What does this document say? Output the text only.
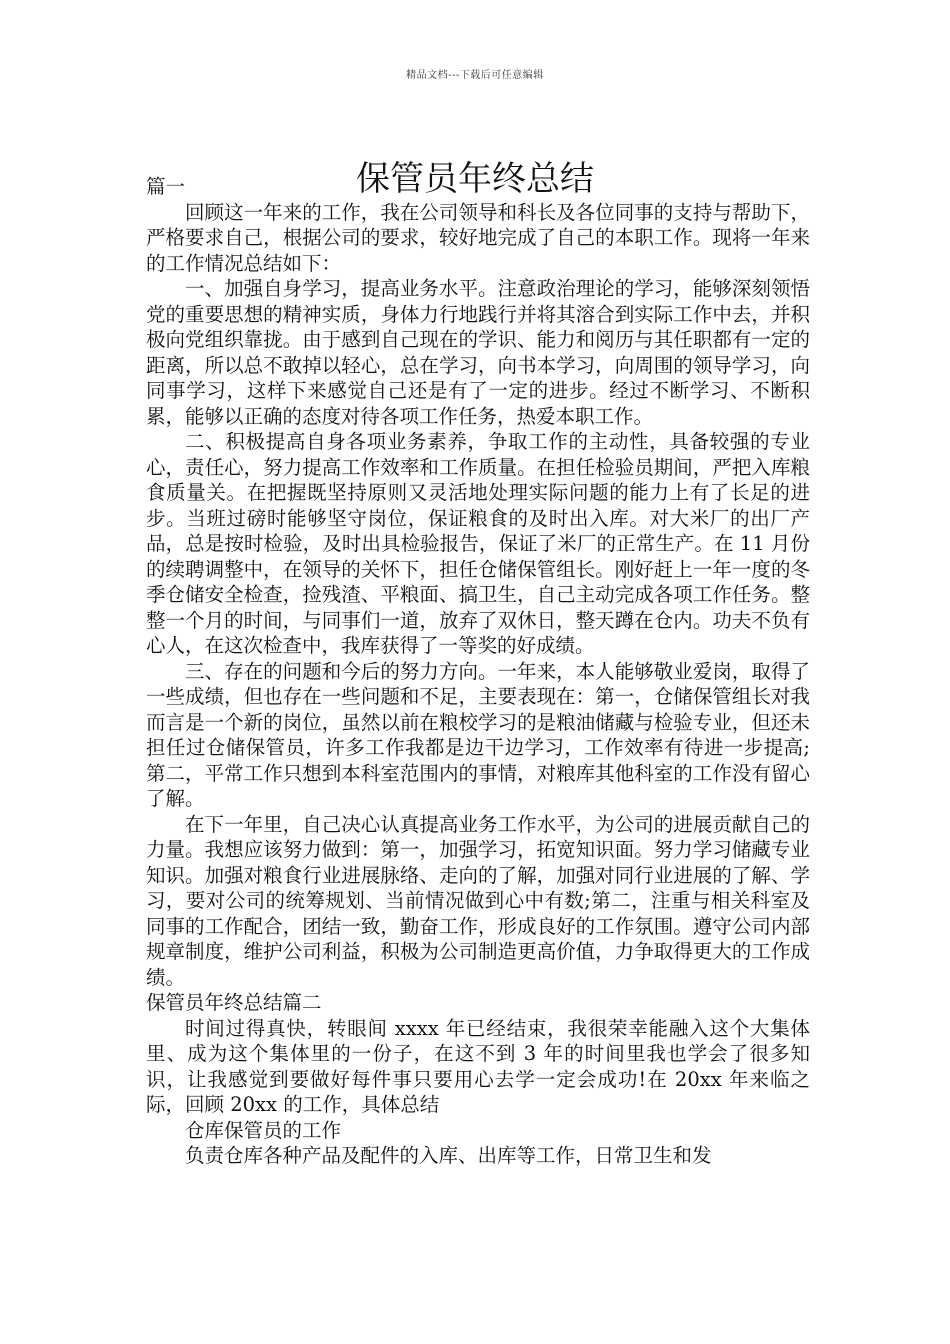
精品文档---下载后可任意编辑
保管员年终总结

篇一

回顾这一年来的工作，我在公司领导和科长及各位同事的支持与帮助下，严格要求自己，根据公司的要求，较好地完成了自己的本职工作。现将一年来的工作情况总结如下：

一、加强自身学习，提高业务水平。注意政治理论的学习，能够深刻领悟党的重要思想的精神实质，身体力行地践行并将其溶合到实际工作中去，并积极向党组织靠拢。由于感到自己现在的学识、能力和阅历与其任职都有一定的距离，所以总不敢掉以轻心，总在学习，向书本学习，向周围的领导学习，向同事学习，这样下来感觉自己还是有了一定的进步。经过不断学习、不断积累，能够以正确的态度对待各项工作任务，热爱本职工作。

二、积极提高自身各项业务素养，争取工作的主动性，具备较强的专业心，责任心，努力提高工作效率和工作质量。在担任检验员期间，严把入库粮食质量关。在把握既坚持原则又灵活地处理实际问题的能力上有了长足的进步。当班过磅时能够坚守岗位，保证粮食的及时出入库。对大米厂的出厂产品，总是按时检验，及时出具检验报告，保证了米厂的正常生产。在 11 月份的续聘调整中，在领导的关怀下，担任仓储保管组长。刚好赶上一年一度的冬季仓储安全检查，捡残渣、平粮面、搞卫生，自己主动完成各项工作任务。整整一个月的时间，与同事们一道，放弃了双休日，整天蹲在仓内。功夫不负有心人，在这次检查中，我库获得了一等奖的好成绩。

三、存在的问题和今后的努力方向。一年来，本人能够敬业爱岗，取得了一些成绩，但也存在一些问题和不足，主要表现在：第一，仓储保管组长对我而言是一个新的岗位，虽然以前在粮校学习的是粮油储藏与检验专业，但还未担任过仓储保管员，许多工作我都是边干边学习，工作效率有待进一步提高;第二，平常工作只想到本科室范围内的事情，对粮库其他科室的工作没有留心了解。

在下一年里，自己决心认真提高业务工作水平，为公司的进展贡献自己的力量。我想应该努力做到：第一，加强学习，拓宽知识面。努力学习储藏专业知识。加强对粮食行业进展脉络、走向的了解，加强对同行业进展的了解、学习，要对公司的统筹规划、当前情况做到心中有数;第二，注重与相关科室及同事的工作配合，团结一致，勤奋工作，形成良好的工作氛围。遵守公司内部规章制度，维护公司利益，积极为公司制造更高价值，力争取得更大的工作成绩。

保管员年终总结篇二

时间过得真快，转眼间 xxxx 年已经结束，我很荣幸能融入这个大集体里、成为这个集体里的一份子，在这不到 3 年的时间里我也学会了很多知识，让我感觉到要做好每件事只要用心去学一定会成功!在 20xx 年来临之际，回顾 20xx 的工作，具体总结

仓库保管员的工作

负责仓库各种产品及配件的入库、出库等工作，日常卫生和发
